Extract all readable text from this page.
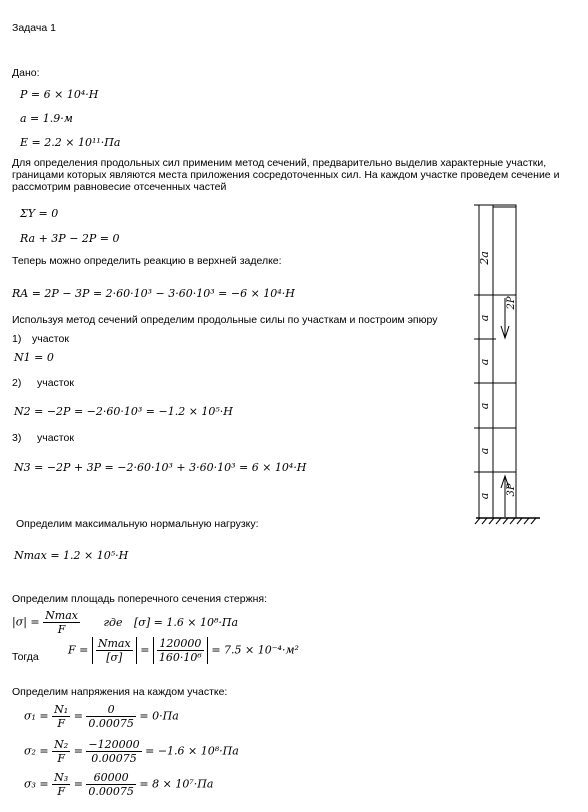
Задача 1
Дано:
P = 6 × 10⁴·H
a = 1.9·м
E = 2.2 × 10¹¹·Па
Для определения продольных сил применим метод сечений, предварительно выделив характерные участки, границами которых являются места приложения сосредоточенных сил. На каждом участке проведем сечение и рассмотрим равновесие отсеченных частей
ΣY = 0
Ra + 3P − 2P = 0
Теперь можно определить реакцию в верхней заделке:
RA = 2P − 3P = 2·60·10³ − 3·60·10³ = −6 × 10⁴·H
Используя метод сечений определим продольные силы по участкам и построим эпюру
1) участок
N1 = 0
2) участок
N2 = −2P = −2·60·10³ = −1.2 × 10⁵·H
3) участок
N3 = −2P + 3P = −2·60·10³ + 3·60·10³ = 6 × 10⁴·H
Определим максимальную нормальную нагрузку:
Nmax = 1.2 × 10⁵·H
Определим площадь поперечного сечения стержня:
$|\sigma| = \frac{Nmax}{F}$ где [σ] = 1.6 × 10⁸·Па
Тогда
$F = \frac{Nmax}{[\sigma]} = \frac{120000}{\text{160·10⁶}} = 7.5 \times 10^{-4}\cdot м^2$
Определим напряжения на каждом участке:
$\sigma_1 = \frac{\text{N₁}}{F} = \frac{0}{0.00075} = 0\cdot Па$
$\sigma_2 = \frac{\text{N₂}}{F} = \frac{-120000}{0.00075} = -1.6 \times 10^8\cdot Па$
$\sigma_3 = \frac{\text{N₃}}{F} = \frac{60000}{0.00075} = 8 \times 10^7\cdot Па$
2a
a
a
a
a
a
2P
3P
